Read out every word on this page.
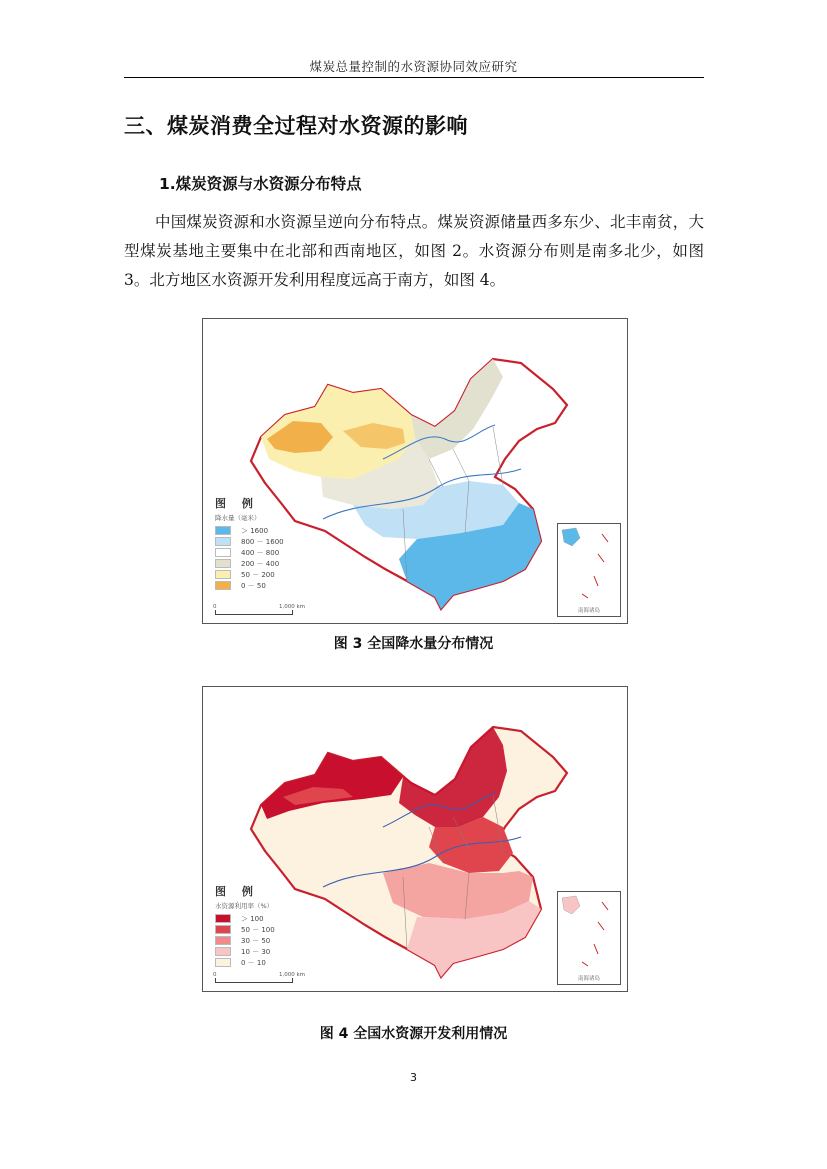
煤炭总量控制的水资源协同效应研究
三、煤炭消费全过程对水资源的影响
1.煤炭资源与水资源分布特点

中国煤炭资源和水资源呈逆向分布特点。煤炭资源储量西多东少、北丰南贫，大型煤炭基地主要集中在北部和西南地区，如图 2。水资源分布则是南多北少，如图 3。北方地区水资源开发利用程度远高于南方，如图 4。

图 例
降水量（毫米）
＞ 1600
800 － 1600
400 － 800
200 － 400
50 － 200
0 － 50
0	1,000 km
南海诸岛
图 3 全国降水量分布情况
图 例
水资源利用率（%）
＞ 100
50 － 100
30 － 50
10 － 30
0 － 10
0	1,000 km
南海诸岛
图 4 全国水资源开发利用情况
3
